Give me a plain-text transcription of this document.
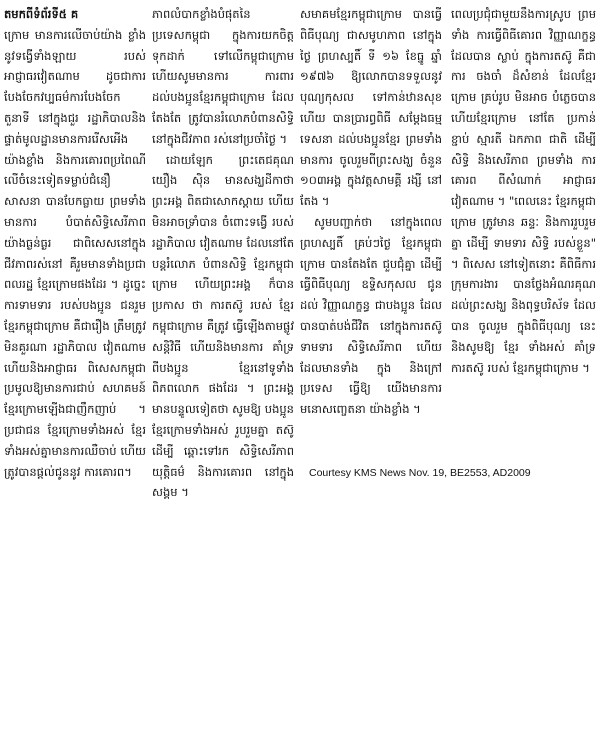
តមកពីទំព័រទី៥ គ

ក្រោម មានការលើចាប់យ៉ាង ខ្លាំង នូវទង្វើទាំងឡាយ របស់ អាជ្ញាធរវៀតណាម ដូចជាការ បែងចែកវប្បធម៌ការបែងចែក តួនាទី នៅក្នុងជួរ រដ្ឋាភិបាលនិង ផ្ទាត់មូលដ្ឋានមានការរើសអើង យ៉ាងខ្លាំង និងការគោរពប្រពៃណី លើចំនេះទៀតទម្លាប់ជំនឿសាសនា បានបែកធ្លាយ ព្រមទាំងមានការ បំបាត់សិទ្ធិសេរីភាព យ៉ាងធ្ងន់ធ្ងរ ជាពិសេសនៅក្នុងជីវភាពរស់នៅ គឺរួមមានទាំងប្រជាពលរដ្ឋ ខ្មែរក្រោមផងដែរ ។ ដូច្នេះ ការទាមទារ របស់បងប្អូន ជនរួមខ្មែរកម្ពុជាក្រោម គឺជារឿង ត្រឹមត្រូវ មិនគួរណា រដ្ឋាភិបាល វៀតណាម ហើយនិងអាជ្ញាធរ ពិសេសកម្ពុជា ប្រមូលឱ្យមានការជាប់ សហគមន៍ខ្មែរក្រោមឡើងជាញឹកញាប់ ។ ប្រជាជន ខ្មែរក្រោមទាំងអស់ ខ្មែរទាំងអស់គ្នាមានការឈឺចាប់ ហើយ ត្រូវបានផ្ដល់ជូននូវ ការគោរព។

ភាពលំបាកខ្លាំងបំផុតនៃ ប្រទេសកម្ពុជា ក្នុងការយកចិត្តទុកដាក់ ទៅលើកម្ពុជាក្រោម ហើយសូមមានការ ការពារ ដល់បងប្អូនខ្មែរកម្ពុជាក្រោម ដែលតែងតែ ត្រូវបានរំលោភបំពានសិទ្ធិ នៅក្នុងជីវភាព រស់នៅប្រចាំថ្ងៃ ។

ដោយឡែក ព្រះតេជគុណ យឿង ស៊ិន មានសង្ឃដីកាថា ព្រះអង្គ ពិតជាសោកស្ដាយ ហើយមិនអាចទ្រាំបាន ចំពោះទង្វើ របស់រដ្ឋាភិបាល វៀតណាម ដែលនៅតែ បន្តរំលោភ បំពានសិទ្ធិ ខ្មែរកម្ពុជាក្រោម ហើយព្រះអង្គ ក៏បានប្រកាស ថា ការតស៊ូ របស់ ខ្មែរកម្ពុជាក្រោម គឺត្រូវ ធ្វើឡើងតាមផ្លូវ សន្តិវិធី ហើយនិងមានការ គាំទ្រ ពីបងប្អូន ខ្មែរនៅទូទាំង ពិភពលោក ផងដែរ ។ ព្រះអង្គ មានបន្ទូលទៀតថា សូមឱ្យ បងប្អូនខ្មែរក្រោមទាំងអស់ រួបរួមគ្នា តស៊ូ ដើម្បី ឆ្ពោះទៅរក សិទ្ធិសេរីភាព យុត្តិធម៌ និងការគោរព នៅក្នុងសង្គម ។

សមាគមខ្មែរកម្ពុជាក្រោម បានធ្វើពិធីបុណ្យ ជាសមូហភាព នៅក្នុងថ្ងៃ ព្រហស្បតិ៍ ទី ១៦ ខែធ្នូ ឆ្នាំ ១៩៧៦ ឱ្យលោកបានទទួលនូវ បុណ្យកុសល ទៅកាន់ឋានសុខ ហើយ បានប្រារព្ធពិធី សម្ដែងធម្មទេសនា ដល់បងប្អូនខ្មែរ ព្រមទាំងមានការ ចូលរួមពីព្រះសង្ឃ ចំនួន ១០៣អង្គ ក្នុងវត្តសាមគ្គី រង្សី នៅតែង ។

សូមបញ្ជាក់ថា នៅក្នុងពេល ព្រហស្បតិ៍ គ្រប់ៗថ្ងៃ ខ្មែរកម្ពុជាក្រោម បានតែងតែ ជួបជុំគ្នា ដើម្បី ធ្វើពិធីបុណ្យ ឧទ្ទិសកុសល ជូនដល់ វិញ្ញាណក្ខន្ធ ជាបងប្អូន ដែលបានបាត់បង់ជីវិត នៅក្នុងការតស៊ូ ទាមទារ សិទ្ធិសេរីភាព ហើយ ដែលមានទាំង ក្នុង និងក្រៅ ប្រទេស ធ្វើឱ្យ យើងមានការ មនោសញ្ចេតនា យ៉ាងខ្លាំង ។

ពេលប្រជុំជាមួយនឹងការស្រូប ព្រមទាំង ការធ្វើពិធីគោរព វិញ្ញាណក្ខន្ធ ដែលបាន ស្លាប់ ក្នុងការតស៊ូ គឺជាការ ចងចាំ ដ៏សំខាន់ ដែលខ្មែរក្រោម គ្រប់រូប មិនអាច បំភ្លេចបាន ហើយខ្មែរក្រោម នៅតែ ប្រកាន់ខ្ជាប់ ស្មារតី ឯកភាព ជាតិ ដើម្បីសិទ្ធិ និងសេរីភាព ព្រមទាំង ការគោរព ពីសំណាក់ អាជ្ញាធរ វៀតណាម ។ "ពេលនេះ ខ្មែរកម្ពុជាក្រោម ត្រូវមាន ឆន្ទៈ និងការរួបរួម គ្នា ដើម្បី ទាមទារ សិទ្ធិ របស់ខ្លួន" ។ ពិសេស នៅទៀតនោះ គឺពិធីការ ក្រុមការងារ បានថ្លែងអំណរគុណ ដល់ព្រះសង្ឃ និងពុទ្ធបរិស័ទ ដែលបាន ចូលរួម ក្នុងពិធីបុណ្យ នេះ និងសូមឱ្យ ខ្មែរ ទាំងអស់ គាំទ្រ ការតស៊ូ របស់ ខ្មែរកម្ពុជាក្រោម ។

Courtesy KMS News Nov. 19, BE2553, AD2009
